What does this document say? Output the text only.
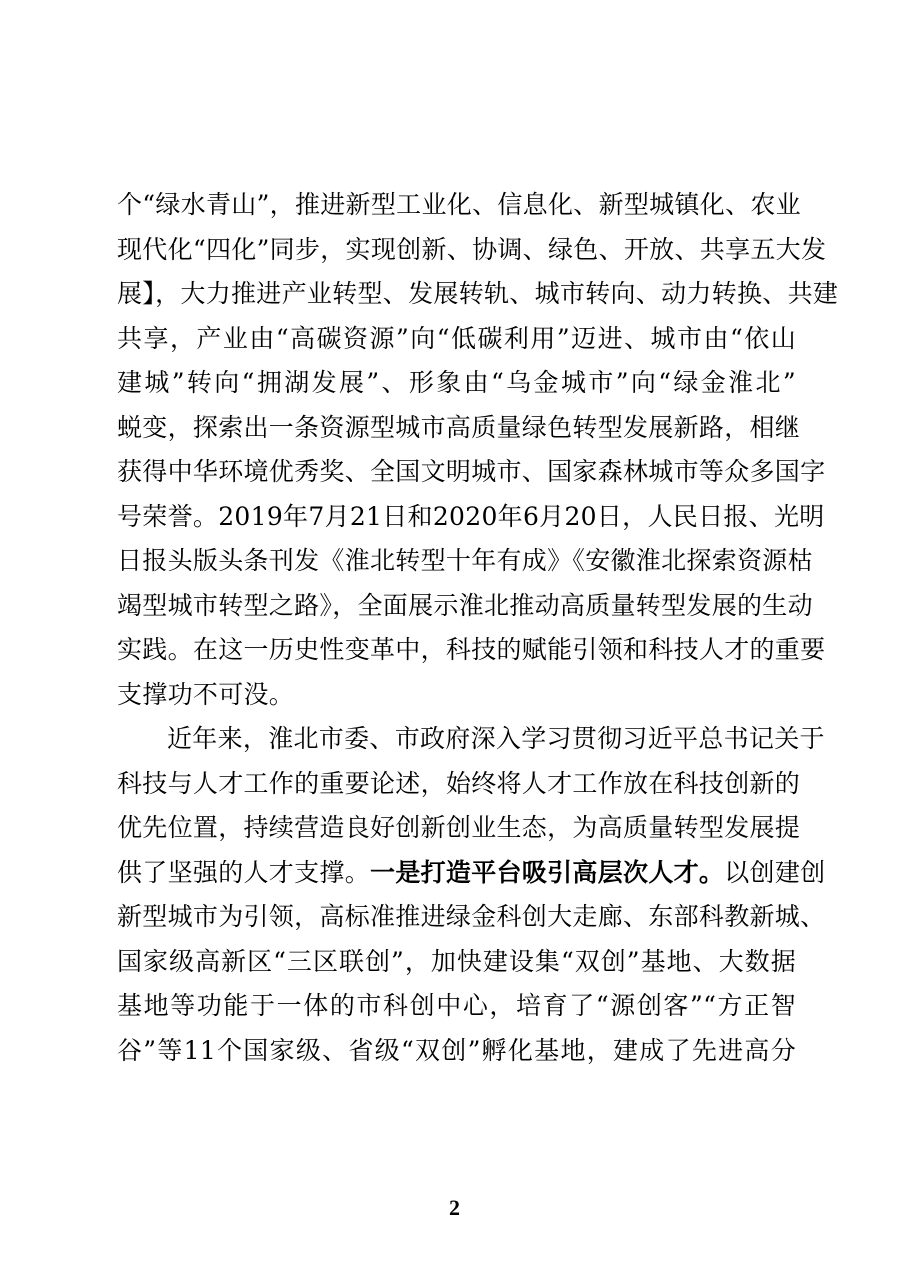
个“绿水青山”，推进新型工业化、信息化、新型城镇化、农业
现代化“四化”同步，实现创新、协调、绿色、开放、共享五大发
展】，大力推进产业转型、发展转轨、城市转向、动力转换、共建
共享，产业由“高碳资源”向“低碳利用”迈进、城市由“依山
建城”转向“拥湖发展”、形象由“乌金城市”向“绿金淮北”
蜕变，探索出一条资源型城市高质量绿色转型发展新路，相继
获得中华环境优秀奖、全国文明城市、国家森林城市等众多国字
号荣誉。2019年7月21日和2020年6月20日，人民日报、光明
日报头版头条刊发《淮北转型十年有成》《安徽淮北探索资源枯
竭型城市转型之路》，全面展示淮北推动高质量转型发展的生动
实践。在这一历史性变革中，科技的赋能引领和科技人才的重要
支撑功不可没。
近年来，淮北市委、市政府深入学习贯彻习近平总书记关于
科技与人才工作的重要论述，始终将人才工作放在科技创新的
优先位置，持续营造良好创新创业生态，为高质量转型发展提
供了坚强的人才支撑。一是打造平台吸引高层次人才。以创建创
新型城市为引领，高标准推进绿金科创大走廊、东部科教新城、
国家级高新区“三区联创”，加快建设集“双创”基地、大数据
基地等功能于一体的市科创中心，培育了“源创客”“方正智
谷”等11个国家级、省级“双创”孵化基地，建成了先进高分
2
